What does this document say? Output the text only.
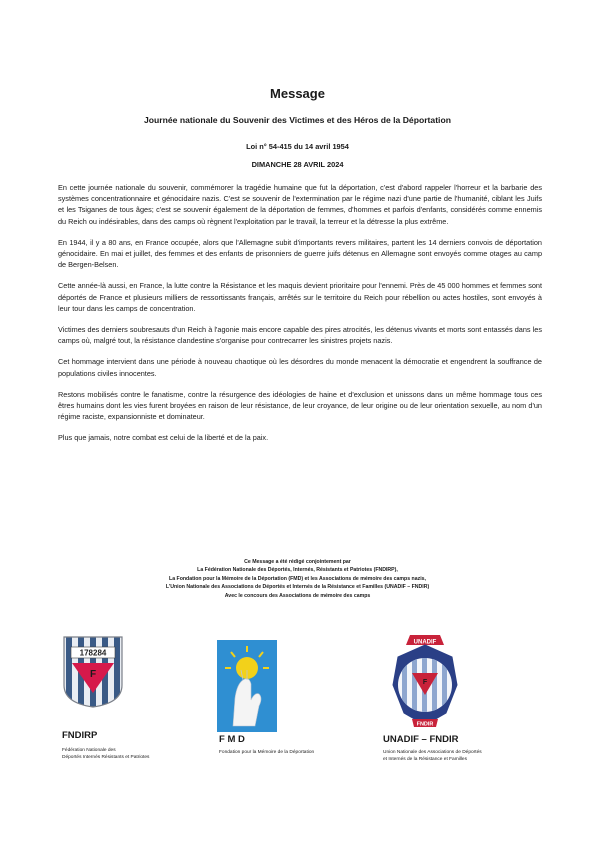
Message
Journée nationale du Souvenir des Victimes et des Héros de la Déportation
Loi n° 54-415 du 14 avril 1954
DIMANCHE 28 AVRIL 2024

En cette journée nationale du souvenir, commémorer la tragédie humaine que fut la déportation, c'est d'abord rappeler l'horreur et la barbarie des systèmes concentrationnaire et génocidaire nazis. C'est se souvenir de l'extermination par le régime nazi d'une partie de l'humanité, ciblant les Juifs et les Tsiganes de tous âges; c'est se souvenir également de la déportation de femmes, d'hommes et parfois d'enfants, considérés comme ennemis du Reich ou indésirables, dans des camps où règnent l'exploitation par le travail, la terreur et la détresse la plus extrême.

En 1944, il y a 80 ans, en France occupée, alors que l'Allemagne subit d'importants revers militaires, partent les 14 derniers convois de déportation génocidaire. En mai et juillet, des femmes et des enfants de prisonniers de guerre juifs détenus en Allemagne sont envoyés comme otages au camp de Bergen-Belsen.

Cette année-là aussi, en France, la lutte contre la Résistance et les maquis devient prioritaire pour l'ennemi. Près de 45 000 hommes et femmes sont déportés de France et plusieurs milliers de ressortissants français, arrêtés sur le territoire du Reich pour rébellion ou actes hostiles, sont envoyés à leur tour dans les camps de concentration.

Victimes des derniers soubresauts d'un Reich à l'agonie mais encore capable des pires atrocités, les détenus vivants et morts sont entassés dans les camps où, malgré tout, la résistance clandestine s'organise pour contrecarrer les sinistres projets nazis.

Cet hommage intervient dans une période à nouveau chaotique où les désordres du monde menacent la démocratie et engendrent la souffrance de populations civiles innocentes.

Restons mobilisés contre le fanatisme, contre la résurgence des idéologies de haine et d'exclusion et unissons dans un même hommage tous ces êtres humains dont les vies furent broyées en raison de leur résistance, de leur croyance, de leur origine ou de leur orientation sexuelle, au nom d'un régime raciste, expansionniste et dominateur.

Plus que jamais, notre combat est celui de la liberté et de la paix.

Ce Message a été rédigé conjointement par
La Fédération Nationale des Déportés, Internés, Résistants et Patriotes (FNDIRP),
La Fondation pour la Mémoire de la Déportation (FMD) et les Associations de mémoire des camps nazis,
L'Union Nationale des Associations de Déportés et Internés de la Résistance et Familles (UNADIF – FNDIR)
Avec le concours des Associations de mémoire des camps
178284
F
FNDIRP
Fédération Nationale des
Déportés Internés Résistants et Patriotes
F M D
Fondation pour la Mémoire de la Déportation
UNADIF
F
FNDIR
UNADIF – FNDIR
Union Nationale des Associations de Déportés
et Internés de la Résistance et Familles
